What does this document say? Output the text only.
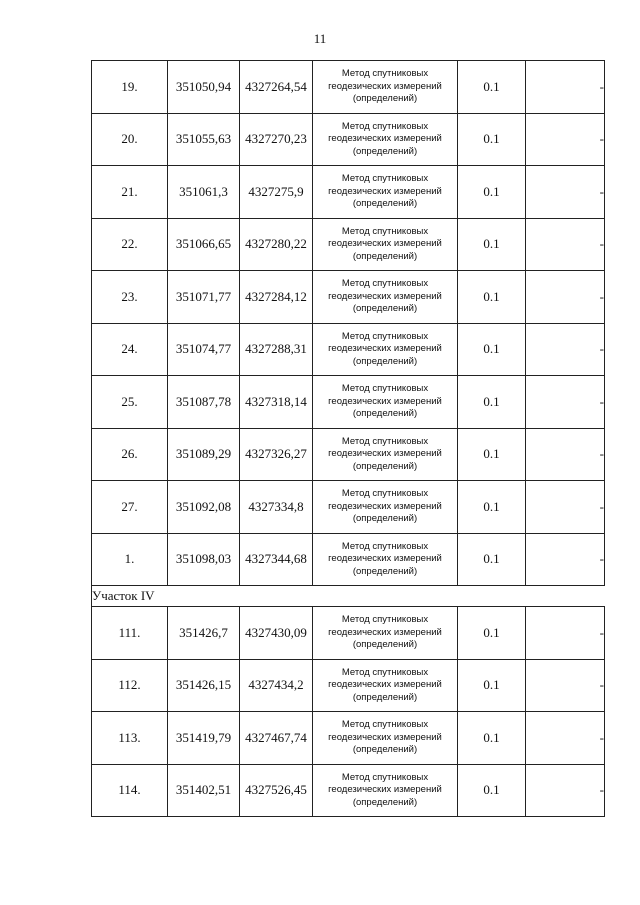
11
19.	351050,94	4327264,54	Метод спутниковых
геодезических измерений
(определений)	0.1	-
20.	351055,63	4327270,23	Метод спутниковых
геодезических измерений
(определений)	0.1	-
21.	351061,3	4327275,9	Метод спутниковых
геодезических измерений
(определений)	0.1	-
22.	351066,65	4327280,22	Метод спутниковых
геодезических измерений
(определений)	0.1	-
23.	351071,77	4327284,12	Метод спутниковых
геодезических измерений
(определений)	0.1	-
24.	351074,77	4327288,31	Метод спутниковых
геодезических измерений
(определений)	0.1	-
25.	351087,78	4327318,14	Метод спутниковых
геодезических измерений
(определений)	0.1	-
26.	351089,29	4327326,27	Метод спутниковых
геодезических измерений
(определений)	0.1	-
27.	351092,08	4327334,8	Метод спутниковых
геодезических измерений
(определений)	0.1	-
1.	351098,03	4327344,68	Метод спутниковых
геодезических измерений
(определений)	0.1	-
Участок IV					
111.	351426,7	4327430,09	Метод спутниковых
геодезических измерений
(определений)	0.1	-
112.	351426,15	4327434,2	Метод спутниковых
геодезических измерений
(определений)	0.1	-
113.	351419,79	4327467,74	Метод спутниковых
геодезических измерений
(определений)	0.1	-
114.	351402,51	4327526,45	Метод спутниковых
геодезических измерений
(определений)	0.1	-
